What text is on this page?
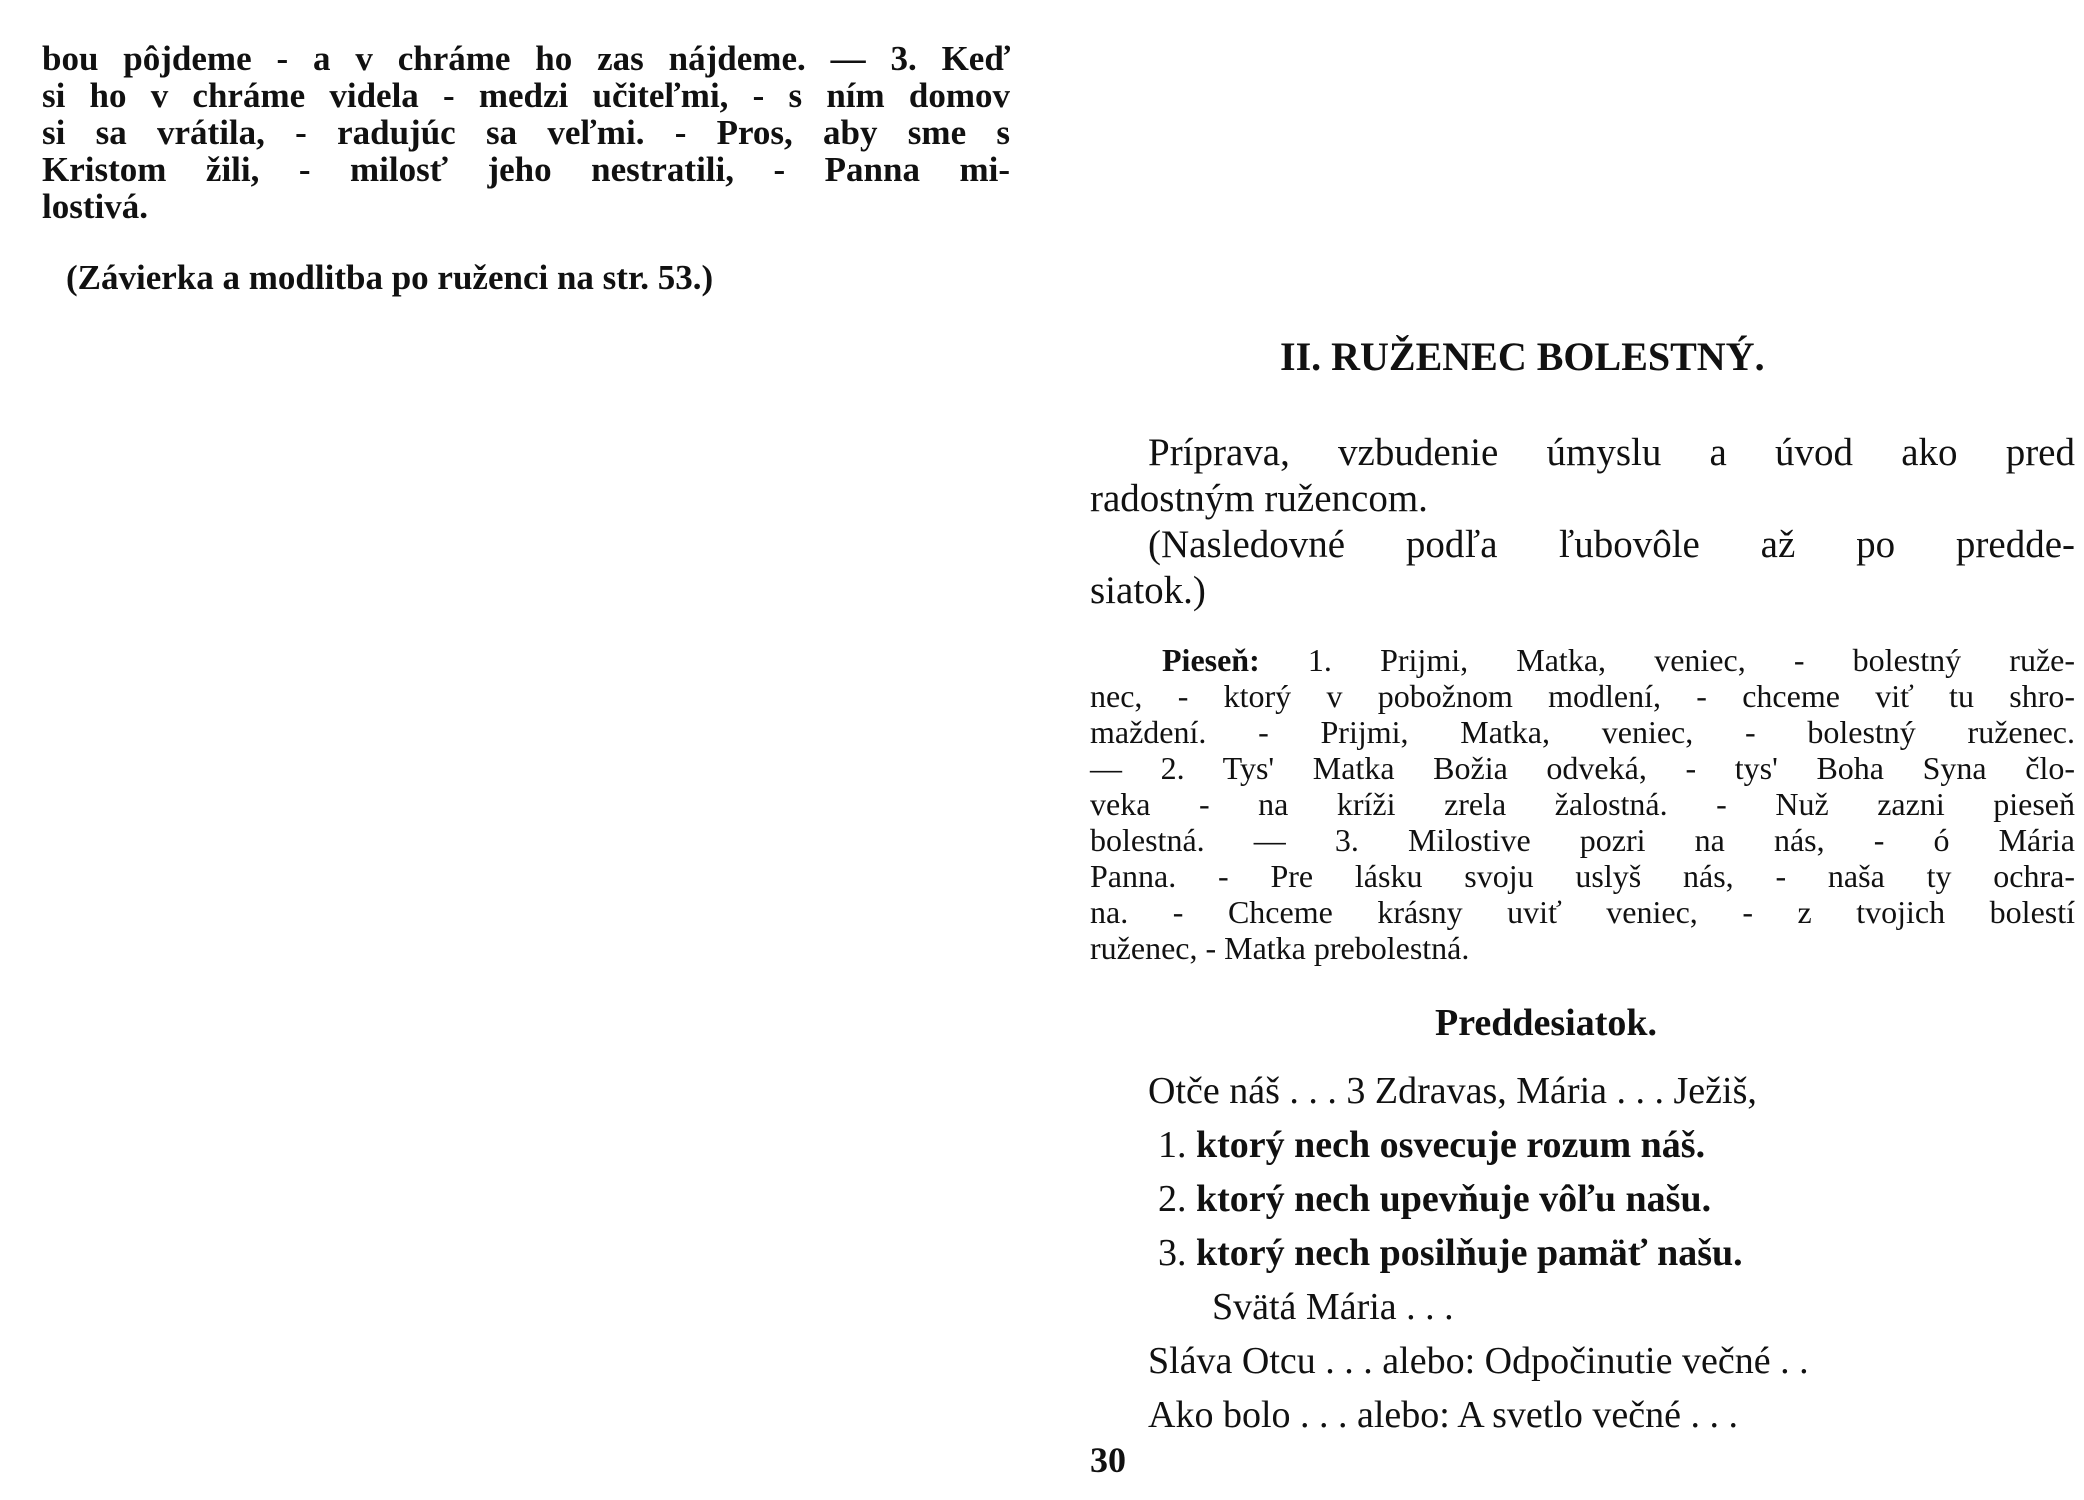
bou pôjdeme - a v chráme ho zas nájdeme. — 3. Keď
si ho v chráme videla - medzi učiteľmi, - s ním domov
si sa vrátila, - radujúc sa veľmi. - Pros, aby sme s
Kristom žili, - milosť jeho nestratili, - Panna mi-
lostivá.
(Závierka a modlitba po ruženci na str. 53.)
II. RUŽENEC BOLESTNÝ.
Príprava, vzbudenie úmyslu a úvod ako pred
radostným ružencom.
(Nasledovné podľa ľubovôle až po predde-
siatok.)
Pieseň: 1. Prijmi, Matka, veniec, - bolestný ruže-
nec, - ktorý v pobožnom modlení, - chceme viť tu shro-
maždení. - Prijmi, Matka, veniec, - bolestný ruženec.
— 2. Tys' Matka Božia odveká, - tys' Boha Syna člo-
veka - na kríži zrela žalostná. - Nuž zazni pieseň
bolestná. — 3. Milostive pozri na nás, - ó Mária
Panna. - Pre lásku svoju uslyš nás, - naša ty ochra-
na. - Chceme krásny uviť veniec, - z tvojich bolestí
ruženec, - Matka prebolestná.
Preddesiatok.
Otče náš . . . 3 Zdravas, Mária . . . Ježiš,
1. ktorý nech osvecuje rozum náš.
2. ktorý nech upevňuje vôľu našu.
3. ktorý nech posilňuje pamäť našu.
Svätá Mária . . .
Sláva Otcu . . . alebo: Odpočinutie večné . .
Ako bolo . . . alebo: A svetlo večné . . .
30
